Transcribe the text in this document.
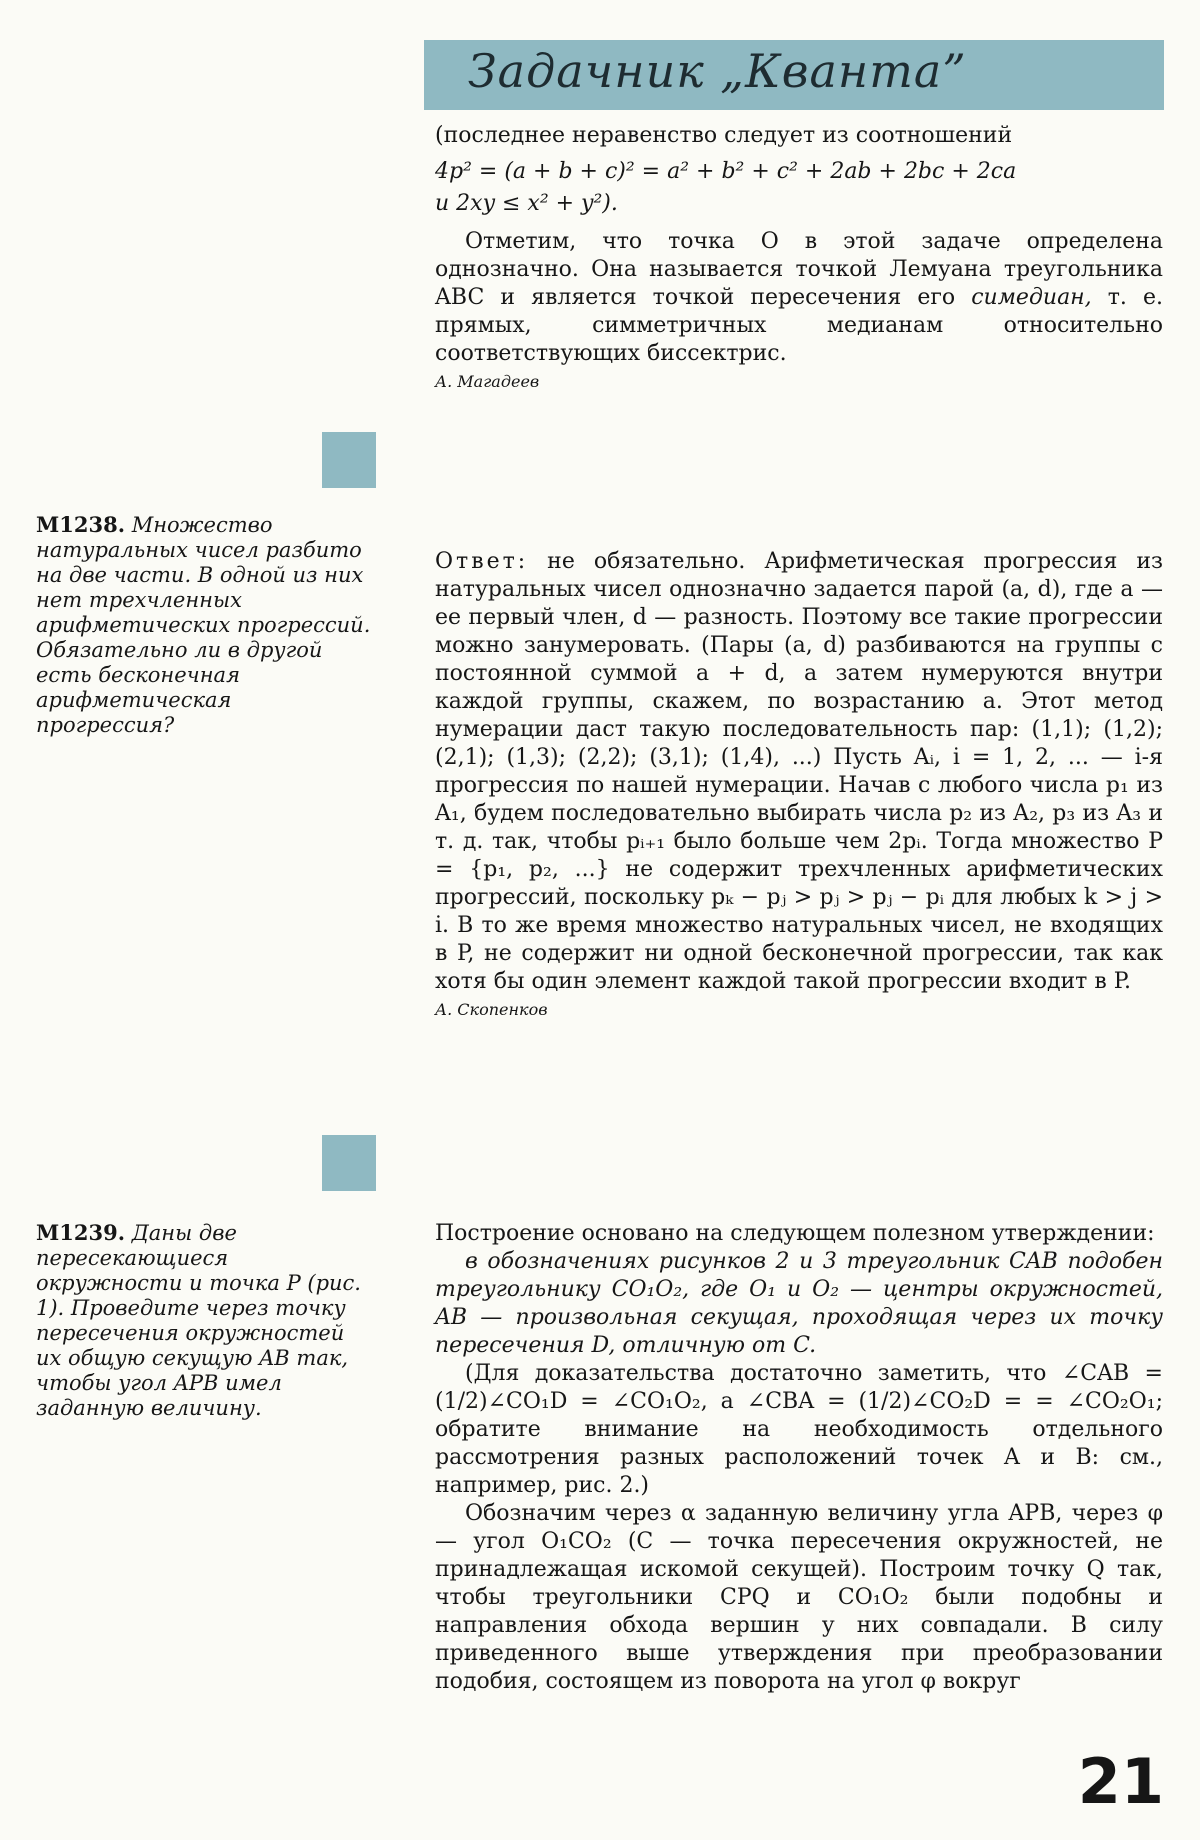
Задачник „Кванта”

(последнее неравенство следует из соотношений

4p² = (a + b + c)² = a² + b² + c² + 2ab + 2bc + 2ca

и 2xy ≤ x² + y²).

Отметим, что точка O в этой задаче определена однозначно. Она называется точкой Лемуана треугольника ABC и является точкой пересечения его симедиан, т. е. прямых, симметричных медианам относительно соответствующих биссектрис.

А. Магадеев

М1238. Множество натуральных чисел разбито на две части. В одной из них нет трехчленных арифметических прогрессий. Обязательно ли в другой есть бесконечная арифметическая прогрессия?

Ответ: не обязательно. Арифметическая прогрессия из натуральных чисел однозначно задается парой (a, d), где a — ее первый член, d — разность. Поэтому все такие прогрессии можно занумеровать. (Пары (a, d) разбиваются на группы с постоянной суммой a + d, а затем нумеруются внутри каждой группы, скажем, по возрастанию a. Этот метод нумерации даст такую последовательность пар: (1,1); (1,2); (2,1); (1,3); (2,2); (3,1); (1,4), ...) Пусть Aᵢ, i = 1, 2, ... — i-я прогрессия по нашей нумерации. Начав с любого числа p₁ из A₁, будем последовательно выбирать числа p₂ из A₂, p₃ из A₃ и т. д. так, чтобы pᵢ₊₁ было больше чем 2pᵢ. Тогда множество P = {p₁, p₂, ...} не содержит трехчленных арифметических прогрессий, поскольку pₖ − pⱼ > pⱼ > pⱼ − pᵢ для любых k > j > i. В то же время множество натуральных чисел, не входящих в P, не содержит ни одной бесконечной прогрессии, так как хотя бы один элемент каждой такой прогрессии входит в P.

А. Скопенков

М1239. Даны две пересекающиеся окружности и точка P (рис. 1). Проведите через точку пересечения окружностей их общую секущую AB так, чтобы угол APB имел заданную величину.

Построение основано на следующем полезном утверждении:

в обозначениях рисунков 2 и 3 треугольник CAB подобен треугольнику CO₁O₂, где O₁ и O₂ — центры окружностей, AB — произвольная секущая, проходящая через их точку пересечения D, отличную от C.

(Для доказательства достаточно заметить, что ∠CAB = (1/2)∠CO₁D = ∠CO₁O₂, а ∠CBA = (1/2)∠CO₂D = = ∠CO₂O₁; обратите внимание на необходимость отдельного рассмотрения разных расположений точек A и B: см., например, рис. 2.)

Обозначим через α заданную величину угла APB, через φ — угол O₁CO₂ (C — точка пересечения окружностей, не принадлежащая искомой секущей). Построим точку Q так, чтобы треугольники CPQ и CO₁O₂ были подобны и направления обхода вершин у них совпадали. В силу приведенного выше утверждения при преобразовании подобия, состоящем из поворота на угол φ вокруг

21
